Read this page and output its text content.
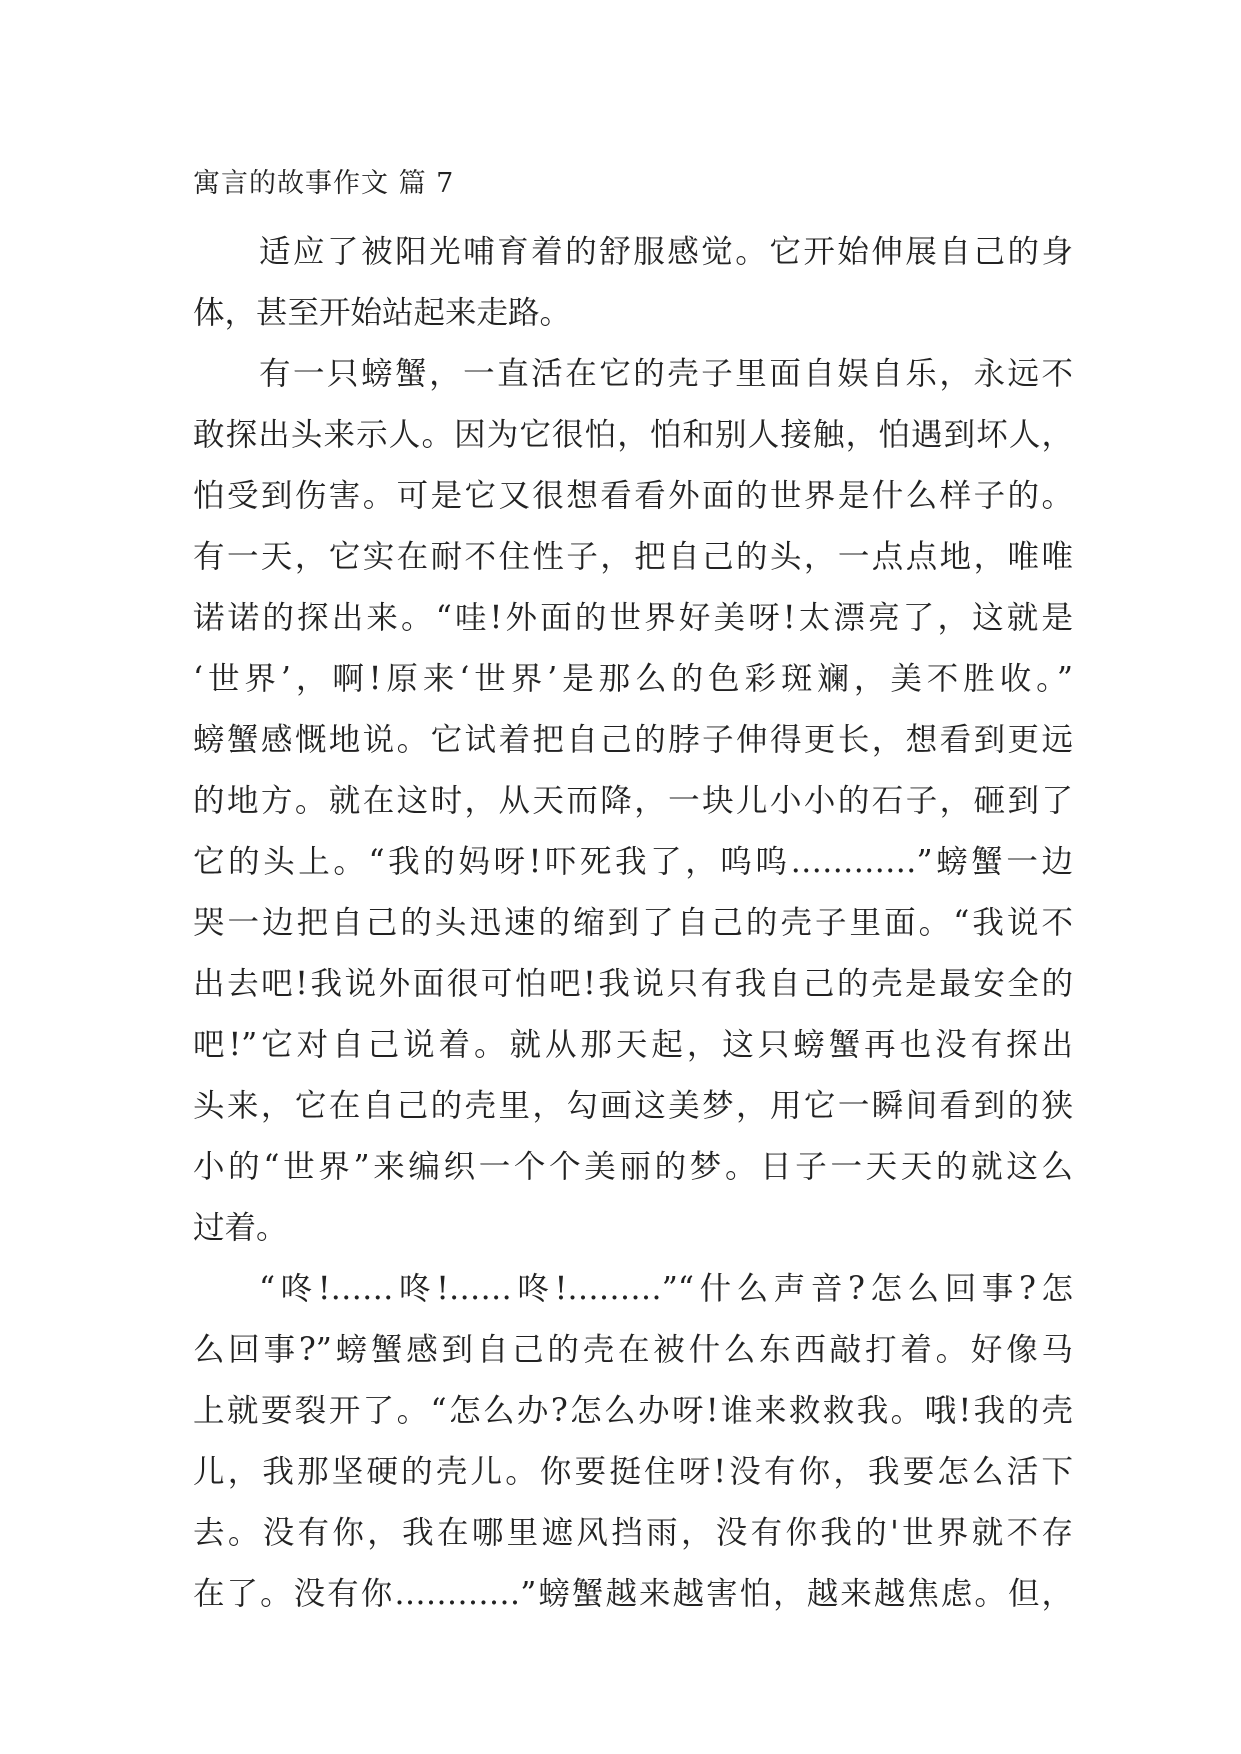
寓言的故事作文 篇 7

适应了被阳光哺育着的舒服感觉。它开始伸展自己的身
体，甚至开始站起来走路。

有一只螃蟹，一直活在它的壳子里面自娱自乐，永远不
敢探出头来示人。因为它很怕，怕和别人接触，怕遇到坏人，
怕受到伤害。可是它又很想看看外面的世界是什么样子的。
有一天，它实在耐不住性子，把自己的头，一点点地，唯唯
诺诺的探出来。“哇!外面的世界好美呀!太漂亮了，这就是
‘世界’，啊!原来‘世界’是那么的色彩斑斓，美不胜收。”
螃蟹感慨地说。它试着把自己的脖子伸得更长，想看到更远
的地方。就在这时，从天而降，一块儿小小的石子，砸到了
它的头上。“我的妈呀!吓死我了，呜呜…………”螃蟹一边
哭一边把自己的头迅速的缩到了自己的壳子里面。“我说不
出去吧!我说外面很可怕吧!我说只有我自己的壳是最安全的
吧!”它对自己说着。就从那天起，这只螃蟹再也没有探出
头来，它在自己的壳里，勾画这美梦，用它一瞬间看到的狭
小的“世界”来编织一个个美丽的梦。日子一天天的就这么
过着。

“咚!……咚!……咚!………”“什么声音?怎么回事?怎
么回事?”螃蟹感到自己的壳在被什么东西敲打着。好像马
上就要裂开了。“怎么办?怎么办呀!谁来救救我。哦!我的壳
儿，我那坚硬的壳儿。你要挺住呀!没有你，我要怎么活下
去。没有你，我在哪里遮风挡雨，没有你我的'世界就不存
在了。没有你…………”螃蟹越来越害怕，越来越焦虑。但，
